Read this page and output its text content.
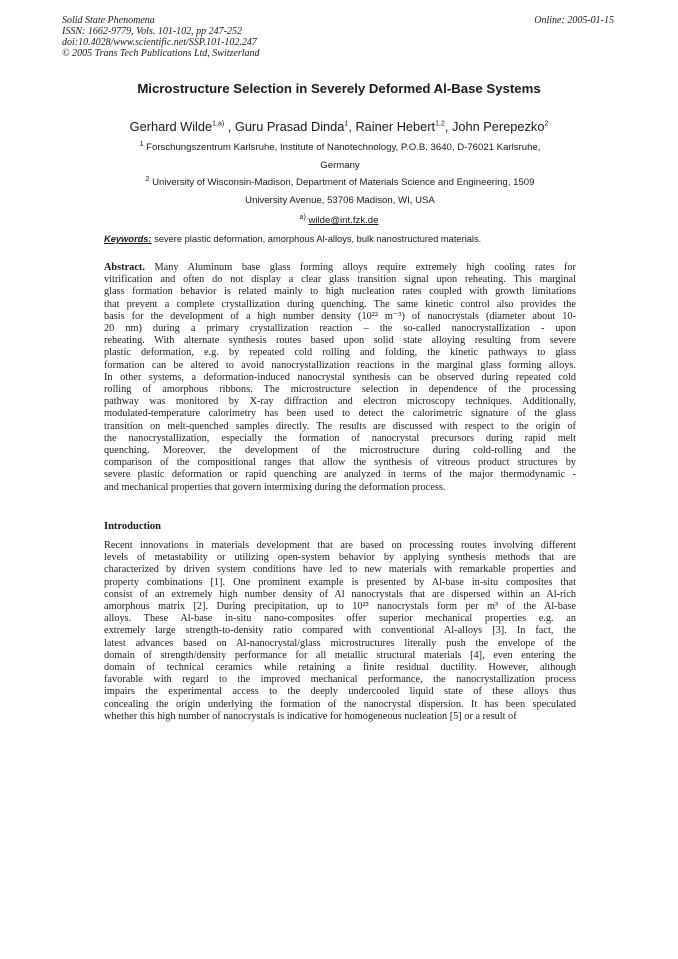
Solid State Phenomena
ISSN: 1662-9779, Vols. 101-102, pp 247-252
doi:10.4028/www.scientific.net/SSP.101-102.247
© 2005 Trans Tech Publications Ltd, Switzerland
Online: 2005-01-15
Microstructure Selection in Severely Deformed Al-Base Systems
Gerhard Wilde$^{1,a)}$ , Guru Prasad Dinda$^1$, Rainer Hebert$^{1,2}$, John Perepezko$^2$
$^1$ Forschungszentrum Karlsruhe, Institute of Nanotechnology, P.O.B. 3640, D-76021 Karlsruhe,
Germany
$^2$ University of Wisconsin-Madison, Department of Materials Science and Engineering, 1509
University Avenue, 53706 Madison, WI, USA
$^{a)}$ wilde@int.fzk.de
Keywords: severe plastic deformation, amorphous Al-alloys, bulk nanostructured materials.
Abstract. Many Aluminum base glass forming alloys require extremely high cooling rates for
vitrification and often do not display a clear glass transition signal upon reheating. This marginal
glass formation behavior is related mainly to high nucleation rates coupled with growth limitations
that prevent a complete crystallization during quenching. The same kinetic control also provides the
basis for the development of a high number density (10²² m⁻³) of nanocrystals (diameter about 10-
20 nm) during a primary crystallization reaction – the so-called nanocrystallization - upon
reheating. With alternate synthesis routes based upon solid state alloying resulting from severe
plastic deformation, e.g. by repeated cold rolling and folding, the kinetic pathways to glass
formation can be altered to avoid nanocrystallization reactions in the marginal glass forming alloys.
In other systems, a deformation-induced nanocrystal synthesis can be observed during repeated cold
rolling of amorphous ribbons. The microstructure selection in dependence of the processing
pathway was monitored by X-ray diffraction and electron microscopy techniques. Additionally,
modulated-temperature calorimetry has been used to detect the calorimetric signature of the glass
transition on melt-quenched samples directly. The results are discussed with respect to the origin of
the nanocrystallization, especially the formation of nanocrystal precursors during rapid melt
quenching. Moreover, the development of the microstructure during cold-rolling and the
comparison of the compositional ranges that allow the synthesis of vitreous product structures by
severe plastic deformation or rapid quenching are analyzed in terms of the major thermodynamic -
and mechanical properties that govern intermixing during the deformation process.
Introduction
Recent innovations in materials development that are based on processing routes involving different
levels of metastability or utilizing open-system behavior by applying synthesis methods that are
characterized by driven system conditions have led to new materials with remarkable properties and
property combinations [1]. One prominent example is presented by Al-base in-situ composites that
consist of an extremely high number density of Al nanocrystals that are dispersed within an Al-rich
amorphous matrix [2]. During precipitation, up to 10²³ nanocrystals form per m³ of the Al-base
alloys. These Al-base in-situ nano-composites offer superior mechanical properties e.g. an
extremely large strength-to-density ratio compared with conventional Al-alloys [3]. In fact, the
latest advances based on Al-nanocrystal/glass microstructures literally push the envelope of the
domain of strength/density performance for all metallic structural materials [4], even entering the
domain of technical ceramics while retaining a finite residual ductility. However, although
favorable with regard to the improved mechanical performance, the nanocrystallization process
impairs the experimental access to the deeply undercooled liquid state of these alloys thus
concealing the origin underlying the formation of the nanocrystal dispersion. It has been speculated
whether this high number of nanocrystals is indicative for homogeneous nucleation [5] or a result of
